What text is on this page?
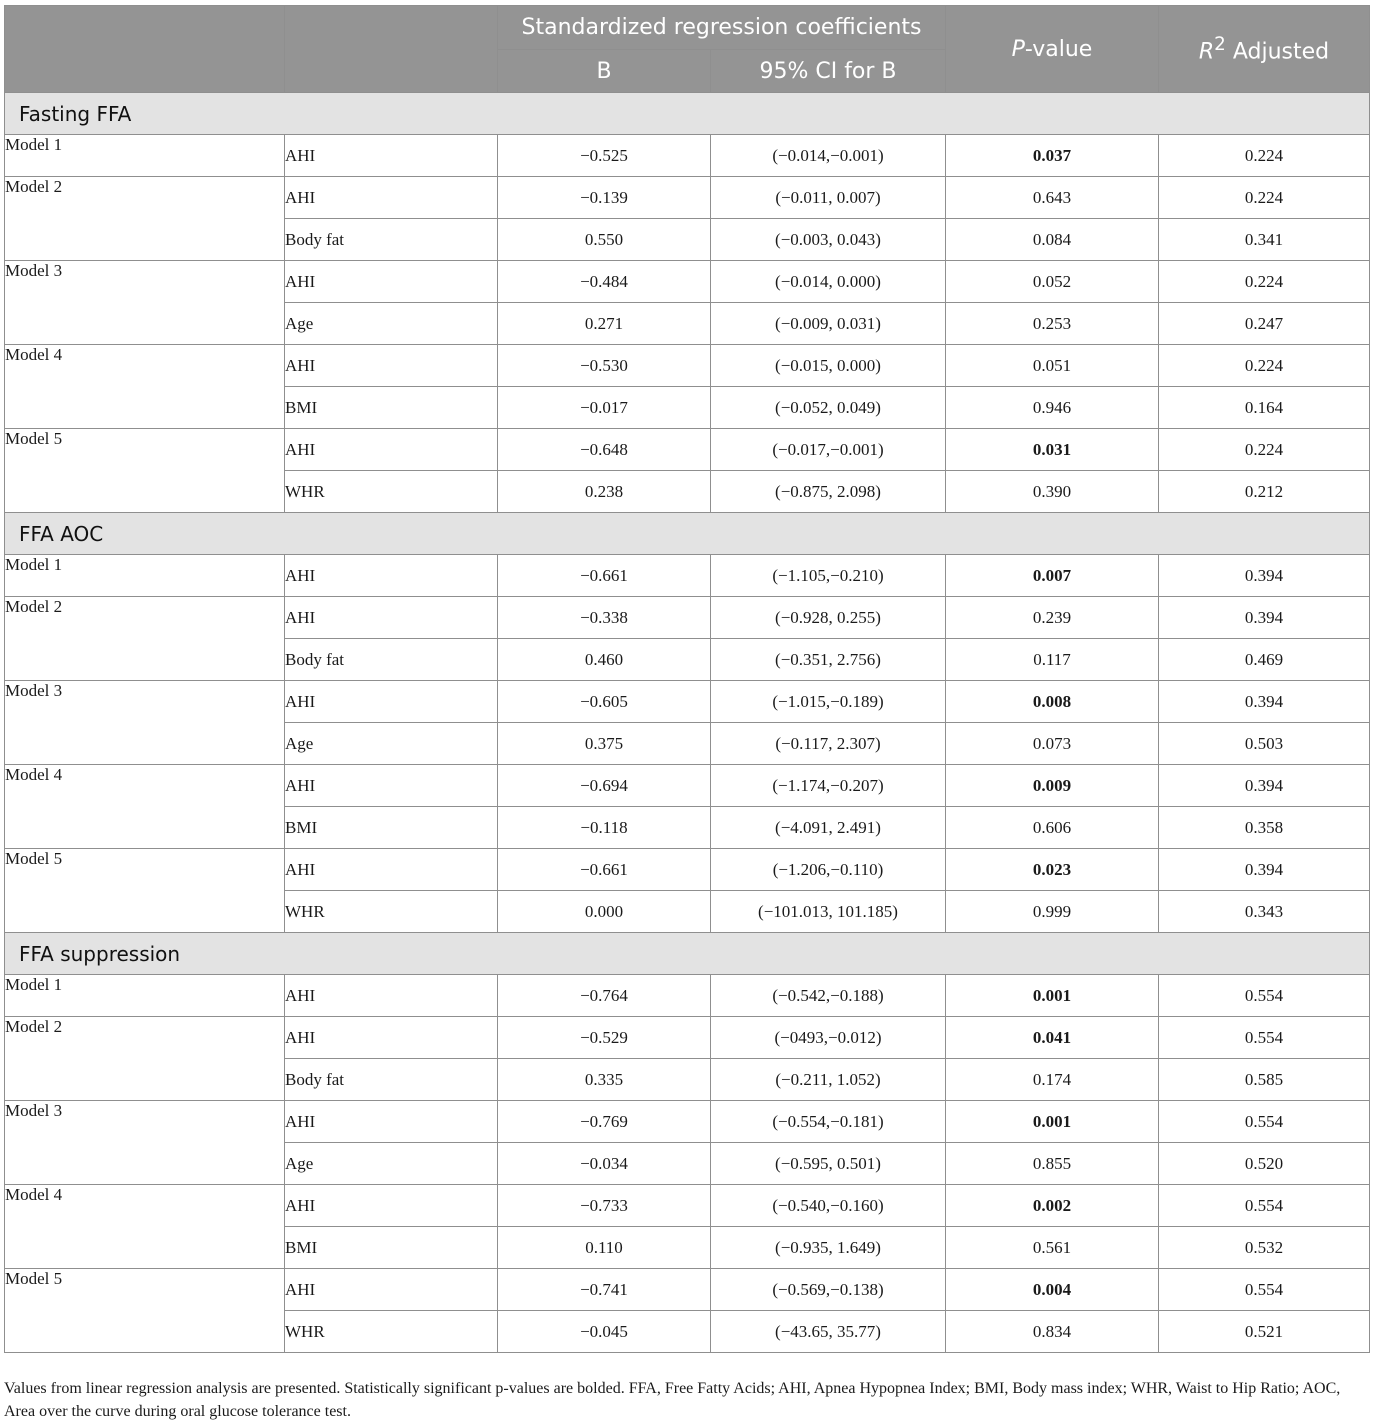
		Standardized regression coefficients		P-value	$R^2$ Adjusted
		B	95% CI for B		
Fasting FFA					
Model 1	AHI	−0.525	(−0.014,−0.001)	0.037	0.224
Model 2	AHI	−0.139	(−0.011, 0.007)	0.643	0.224
	Body fat	0.550	(−0.003, 0.043)	0.084	0.341
Model 3	AHI	−0.484	(−0.014, 0.000)	0.052	0.224
	Age	0.271	(−0.009, 0.031)	0.253	0.247
Model 4	AHI	−0.530	(−0.015, 0.000)	0.051	0.224
	BMI	−0.017	(−0.052, 0.049)	0.946	0.164
Model 5	AHI	−0.648	(−0.017,−0.001)	0.031	0.224
	WHR	0.238	(−0.875, 2.098)	0.390	0.212
FFA AOC					
Model 1	AHI	−0.661	(−1.105,−0.210)	0.007	0.394
Model 2	AHI	−0.338	(−0.928, 0.255)	0.239	0.394
	Body fat	0.460	(−0.351, 2.756)	0.117	0.469
Model 3	AHI	−0.605	(−1.015,−0.189)	0.008	0.394
	Age	0.375	(−0.117, 2.307)	0.073	0.503
Model 4	AHI	−0.694	(−1.174,−0.207)	0.009	0.394
	BMI	−0.118	(−4.091, 2.491)	0.606	0.358
Model 5	AHI	−0.661	(−1.206,−0.110)	0.023	0.394
	WHR	0.000	(−101.013, 101.185)	0.999	0.343
FFA suppression					
Model 1	AHI	−0.764	(−0.542,−0.188)	0.001	0.554
Model 2	AHI	−0.529	(−0493,−0.012)	0.041	0.554
	Body fat	0.335	(−0.211, 1.052)	0.174	0.585
Model 3	AHI	−0.769	(−0.554,−0.181)	0.001	0.554
	Age	−0.034	(−0.595, 0.501)	0.855	0.520
Model 4	AHI	−0.733	(−0.540,−0.160)	0.002	0.554
	BMI	0.110	(−0.935, 1.649)	0.561	0.532
Model 5	AHI	−0.741	(−0.569,−0.138)	0.004	0.554
	WHR	−0.045	(−43.65, 35.77)	0.834	0.521
Values from linear regression analysis are presented. Statistically significant p-values are bolded. FFA, Free Fatty Acids; AHI, Apnea Hypopnea Index; BMI, Body mass index; WHR, Waist to Hip Ratio; AOC, Area over the curve during oral glucose tolerance test.
